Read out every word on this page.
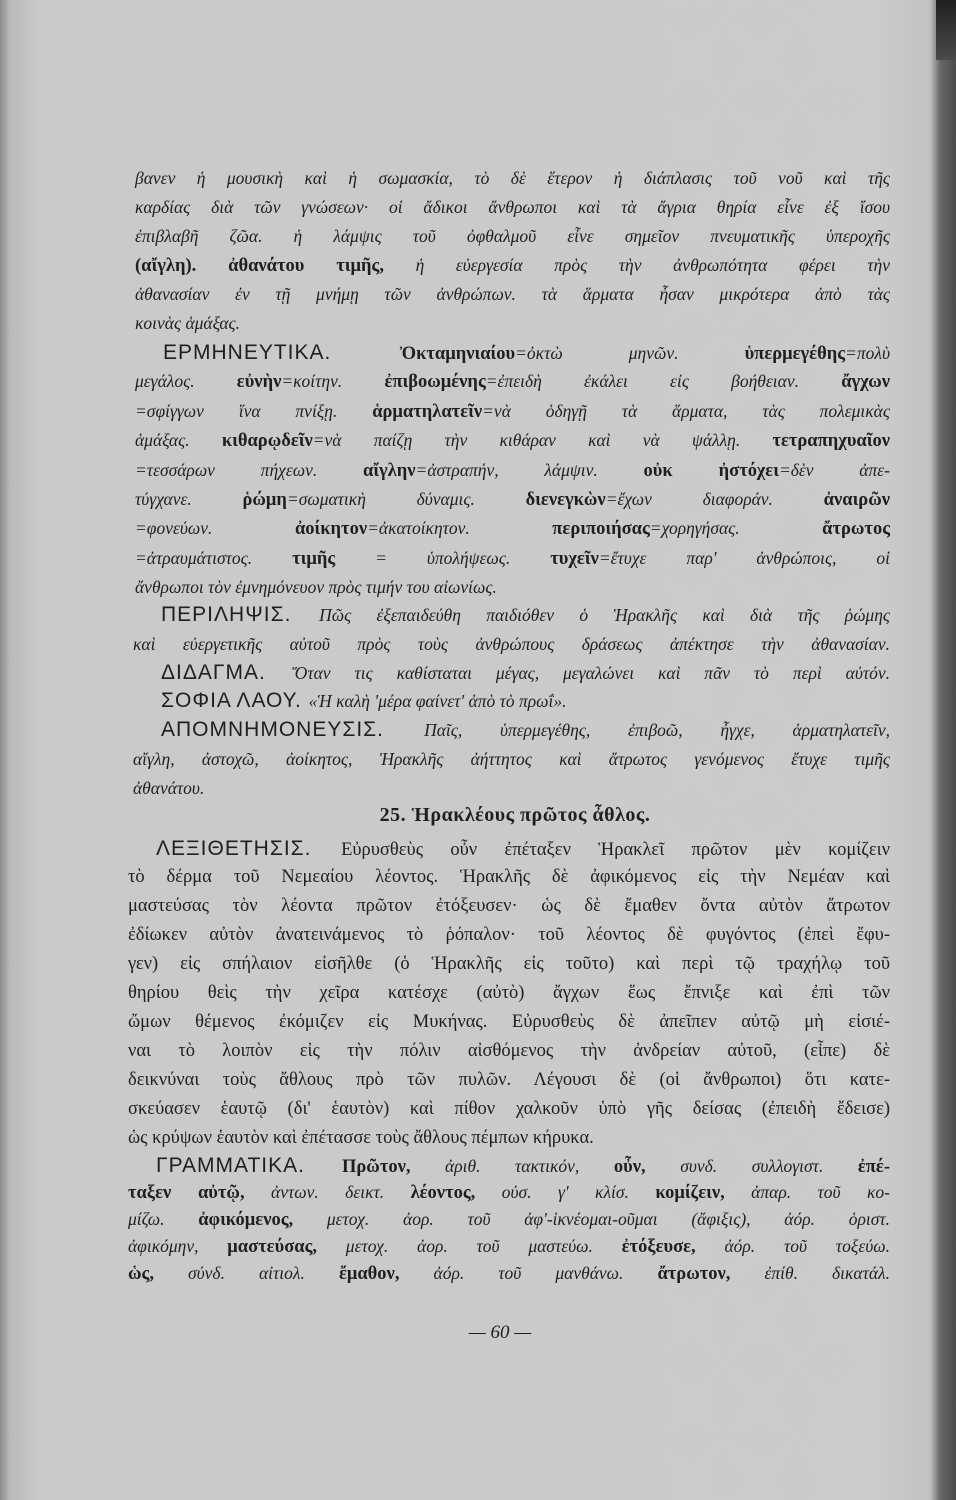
βανεν ἡ μουσικὴ καὶ ἡ σωμασκία, τὸ δὲ ἕτερον ἡ διάπλασις τοῦ νοῦ καὶ τῆς
καρδίας διὰ τῶν γνώσεων· οἱ ἄδικοι ἄνθρωποι καὶ τὰ ἄγρια θηρία εἶνε ἐξ ἴσου
ἐπιβλαβῆ ζῶα. ἡ λάμψις τοῦ ὀφθαλμοῦ εἶνε σημεῖον πνευματικῆς ὑπεροχῆς
(αἴγλη). ἀθανάτου τιμῆς, ἡ εὐεργεσία πρὸς τὴν ἀνθρωπότητα φέρει τὴν
ἀθανασίαν ἐν τῇ μνήμῃ τῶν ἀνθρώπων. τὰ ἅρματα ἦσαν μικρότερα ἀπὸ τὰς
κοινὰς ἁμάξας.
ΕΡΜΗΝΕΥΤΙΚΑ. Ὀκταμηνιαίου=ὀκτὼ μηνῶν. ὑπερμεγέθης=πολὺ
μεγάλος. εὐνὴν=κοίτην. ἐπιβοωμένης=ἐπειδὴ ἐκάλει εἰς βοήθειαν. ἄγχων
=σφίγγων ἵνα πνίξῃ. ἁρματηλατεῖν=νὰ ὁδηγῇ τὰ ἅρματα, τὰς πολεμικὰς
ἁμάξας. κιθαρῳδεῖν=νὰ παίζῃ τὴν κιθάραν καὶ νὰ ψάλλῃ. τετραπηχυαῖον
=τεσσάρων πήχεων. αἴγλην=ἀστραπήν, λάμψιν. οὐκ ἠστόχει=δὲν ἀπε-
τύγχανε. ῥώμη=σωματικὴ δύναμις. διενεγκὼν=ἔχων διαφοράν. ἀναιρῶν
=φονεύων. ἀοίκητον=ἀκατοίκητον. περιποιήσας=χορηγήσας. ἄτρωτος
=ἀτραυμάτιστος. τιμῆς = ὑπολήψεως. τυχεῖν=ἔτυχε παρ' ἀνθρώποις, οἱ
ἄνθρωποι τὸν ἐμνημόνευον πρὸς τιμήν του αἰωνίως.
ΠΕΡΙΛΗΨΙΣ. Πῶς ἐξεπαιδεύθη παιδιόθεν ὁ Ἡρακλῆς καὶ διὰ τῆς ῥώμης
καὶ εὐεργετικῆς αὐτοῦ πρὸς τοὺς ἀνθρώπους δράσεως ἀπέκτησε τὴν ἀθανασίαν.
ΔΙΔΑΓΜΑ. Ὅταν τις καθίσταται μέγας, μεγαλώνει καὶ πᾶν τὸ περὶ αὐτόν.
ΣΟΦΙΑ ΛΑΟΥ. «Ἡ καλὴ 'μέρα φαίνετ' ἀπὸ τὸ πρωΐ».
ΑΠΟΜΝΗΜΟΝΕΥΣΙΣ. Παῖς, ὑπερμεγέθης, ἐπιβοῶ, ἦγχε, ἁρματηλατεῖν,
αἴγλη, ἀστοχῶ, ἀοίκητος, Ἡρακλῆς ἀήττητος καὶ ἄτρωτος γενόμενος ἔτυχε τιμῆς
ἀθανάτου.
25. Ἡρακλέους πρῶτος ἆθλος.
ΛΕΞΙΘΕΤΗΣΙΣ. Εὐρυσθεὺς οὖν ἐπέταξεν Ἡρακλεῖ πρῶτον μὲν κομίζειν
τὸ δέρμα τοῦ Νεμεαίου λέοντος. Ἡρακλῆς δὲ ἀφικόμενος εἰς τὴν Νεμέαν καὶ
μαστεύσας τὸν λέοντα πρῶτον ἐτόξευσεν· ὡς δὲ ἔμαθεν ὄντα αὐτὸν ἄτρωτον
ἐδίωκεν αὐτὸν ἀνατεινάμενος τὸ ῥόπαλον· τοῦ λέοντος δὲ φυγόντος (ἐπεὶ ἔφυ-
γεν) εἰς σπήλαιον εἰσῆλθε (ὁ Ἡρακλῆς εἰς τοῦτο) καὶ περὶ τῷ τραχήλῳ τοῦ
θηρίου θεὶς τὴν χεῖρα κατέσχε (αὐτὸ) ἄγχων ἕως ἔπνιξε καὶ ἐπὶ τῶν
ὤμων θέμενος ἐκόμιζεν εἰς Μυκήνας. Εὐρυσθεὺς δὲ ἀπεῖπεν αὐτῷ μὴ εἰσιέ-
ναι τὸ λοιπὸν εἰς τὴν πόλιν αἰσθόμενος τὴν ἀνδρείαν αὐτοῦ, (εἶπε) δὲ
δεικνύναι τοὺς ἄθλους πρὸ τῶν πυλῶν. Λέγουσι δὲ (οἱ ἄνθρωποι) ὅτι κατε-
σκεύασεν ἑαυτῷ (δι' ἑαυτὸν) καὶ πίθον χαλκοῦν ὑπὸ γῆς δείσας (ἐπειδὴ ἔδεισε)
ὡς κρύψων ἑαυτὸν καὶ ἐπέτασσε τοὺς ἄθλους πέμπων κήρυκα.
ΓΡΑΜΜΑΤΙΚΑ. Πρῶτον, ἀριθ. τακτικόν, οὖν, συνδ. συλλογιστ. ἐπέ-
ταξεν αὐτῷ, ἀντων. δεικτ. λέοντος, οὐσ. γ' κλίσ. κομίζειν, ἀπαρ. τοῦ κο-
μίζω. ἀφικόμενος, μετοχ. ἀορ. τοῦ ἀφ'-ἱκνέομαι-οῦμαι (ἄφιξις), ἀόρ. ὁριστ.
ἀφικόμην, μαστεύσας, μετοχ. ἀορ. τοῦ μαστεύω. ἐτόξευσε, ἀόρ. τοῦ τοξεύω.
ὡς, σύνδ. αἰτιολ. ἔμαθον, ἀόρ. τοῦ μανθάνω. ἄτρωτον, ἐπίθ. δικατάλ.
— 60 —
